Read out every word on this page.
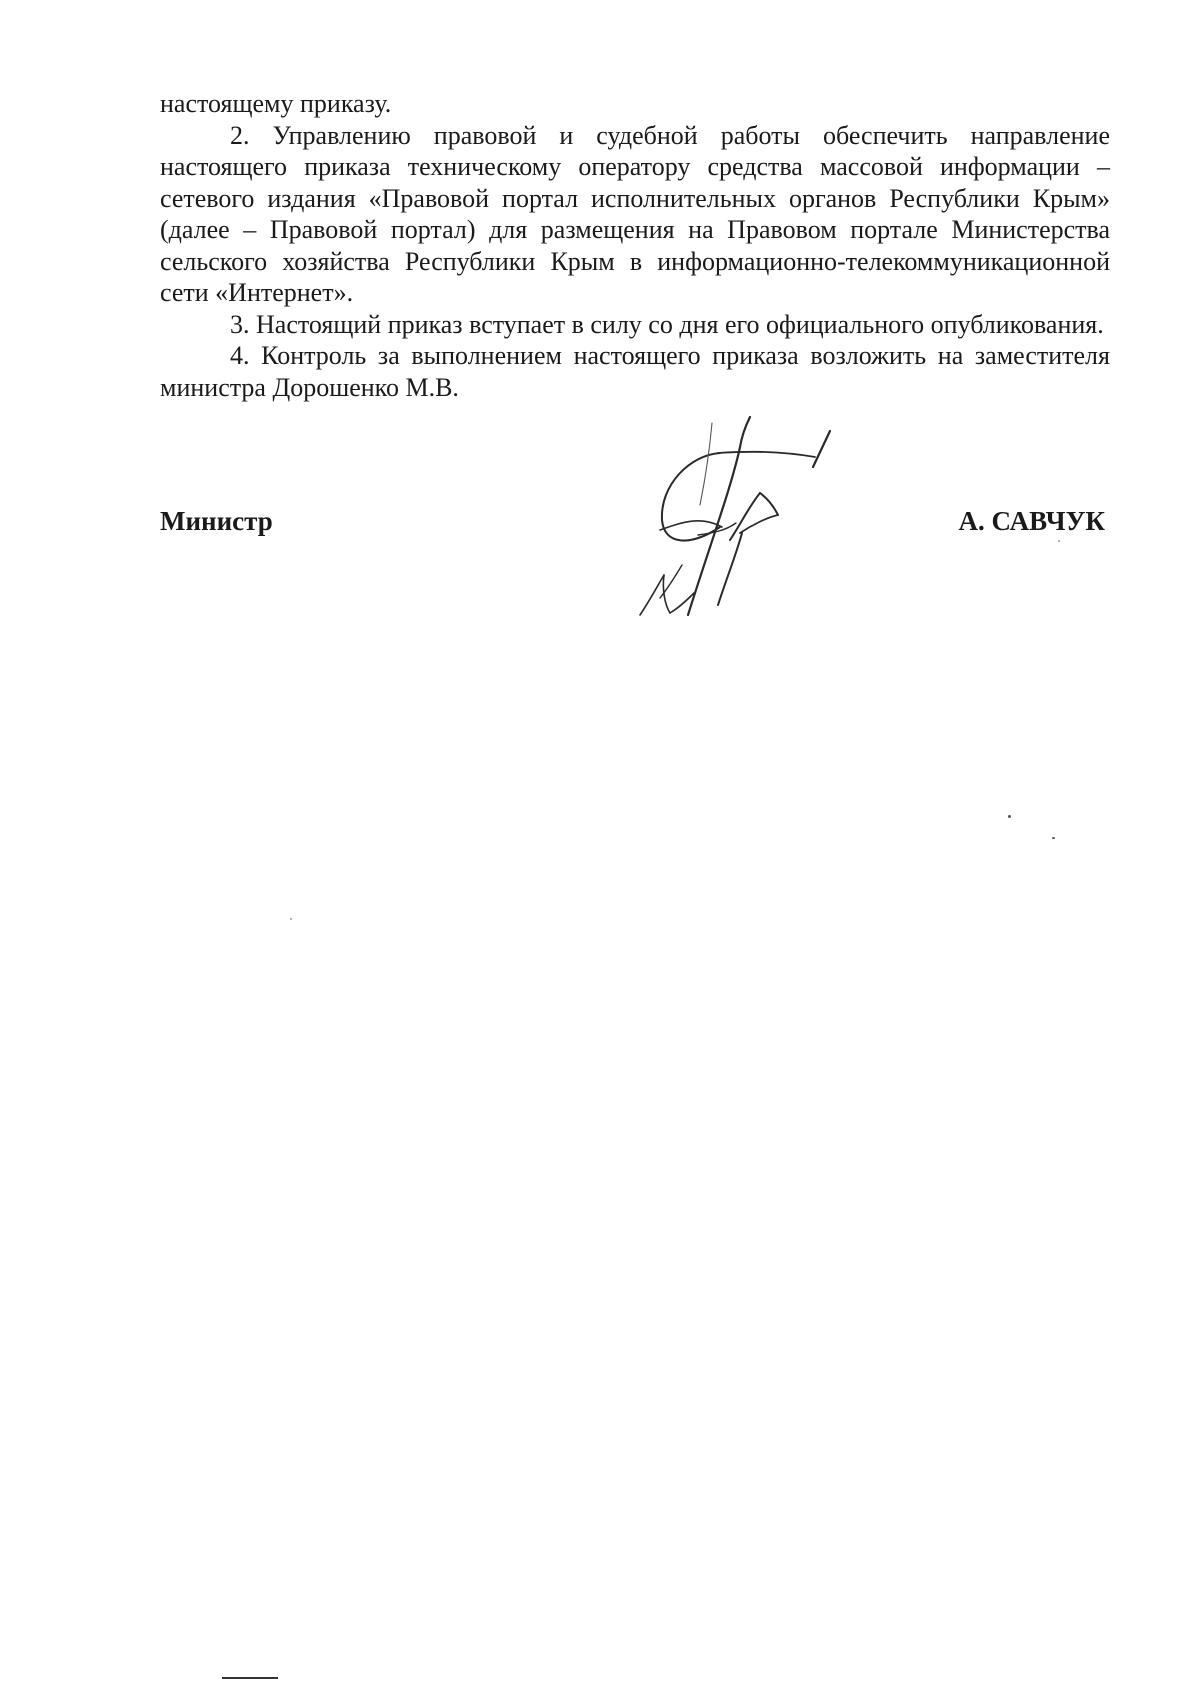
настоящему приказу.

2. Управлению правовой и судебной работы обеспечить направление настоящего приказа техническому оператору средства массовой информации – сетевого издания «Правовой портал исполнительных органов Республики Крым» (далее – Правовой портал) для размещения на Правовом портале Министерства сельского хозяйства Республики Крым в информационно-телекоммуникационной сети «Интернет».

3. Настоящий приказ вступает в силу со дня его официального опубликования.

4. Контроль за выполнением настоящего приказа возложить на заместителя министра Дорошенко М.В.

Министр	А. САВЧУК
